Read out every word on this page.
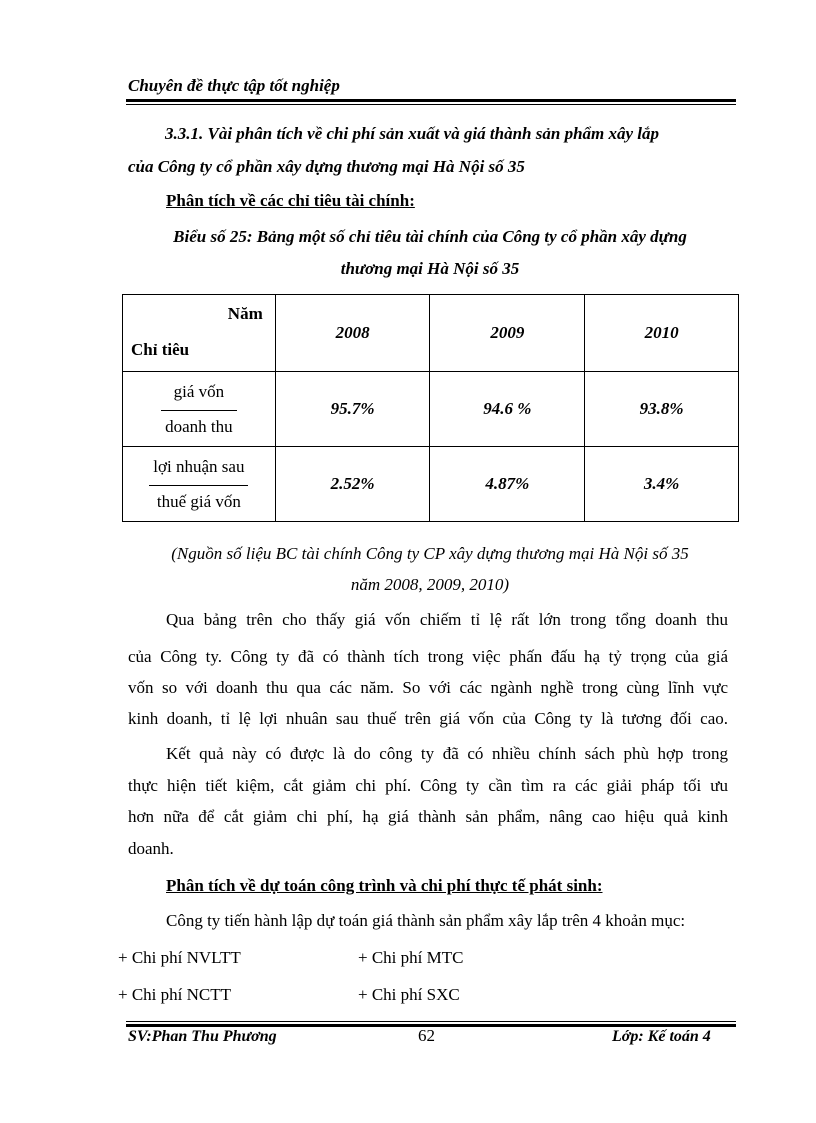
Chuyên đề thực tập tốt nghiệp
3.3.1. Vài phân tích về chi phí sản xuất và giá thành sản phẩm xây lắp
của Công ty cổ phần xây dựng thương mại Hà Nội số 35
Phân tích về các chỉ tiêu tài chính:
Biểu số 25: Bảng một số chỉ tiêu tài chính của Công ty cổ phần xây dựng
thương mại Hà Nội số 35
Năm
Chỉ tiêu	2008	2009	2010

$\frac{\text{giá vốn}}{\text{doanh thu}}$	95.7%	94.6 %	93.8%

$\frac{\text{lợi nhuận sau}}{\text{thuế giá vốn}}$	2.52%	4.87%	3.4%
(Nguồn số liệu BC tài chính Công ty CP xây dựng thương mại Hà Nội số 35
năm 2008, 2009, 2010)
Qua bảng trên cho thấy giá vốn chiếm tỉ lệ rất lớn trong tổng doanh thu
của Công ty. Công ty đã có thành tích trong việc phấn đấu hạ tỷ trọng của giá
vốn so với doanh thu qua các năm. So với các ngành nghề trong cùng lĩnh vực
kinh doanh, tỉ lệ lợi nhuân sau thuế trên giá vốn của Công ty là tương đối cao.
Kết quả này có được là do công ty đã có nhiều chính sách phù hợp trong
thực hiện tiết kiệm, cắt giảm chi phí. Công ty cần tìm ra các giải pháp tối ưu
hơn nữa để cắt giảm chi phí, hạ giá thành sản phẩm, nâng cao hiệu quả kinh
doanh.
Phân tích về dự toán công trình và chi phí thực tế phát sinh:
Công ty tiến hành lập dự toán giá thành sản phẩm xây lắp trên 4 khoản mục:
+ Chi phí NVLTT	+ Chi phí MTC
+ Chi phí NCTT	+ Chi phí SXC
SV:Phan Thu Phương	62	Lớp: Kế toán 4
